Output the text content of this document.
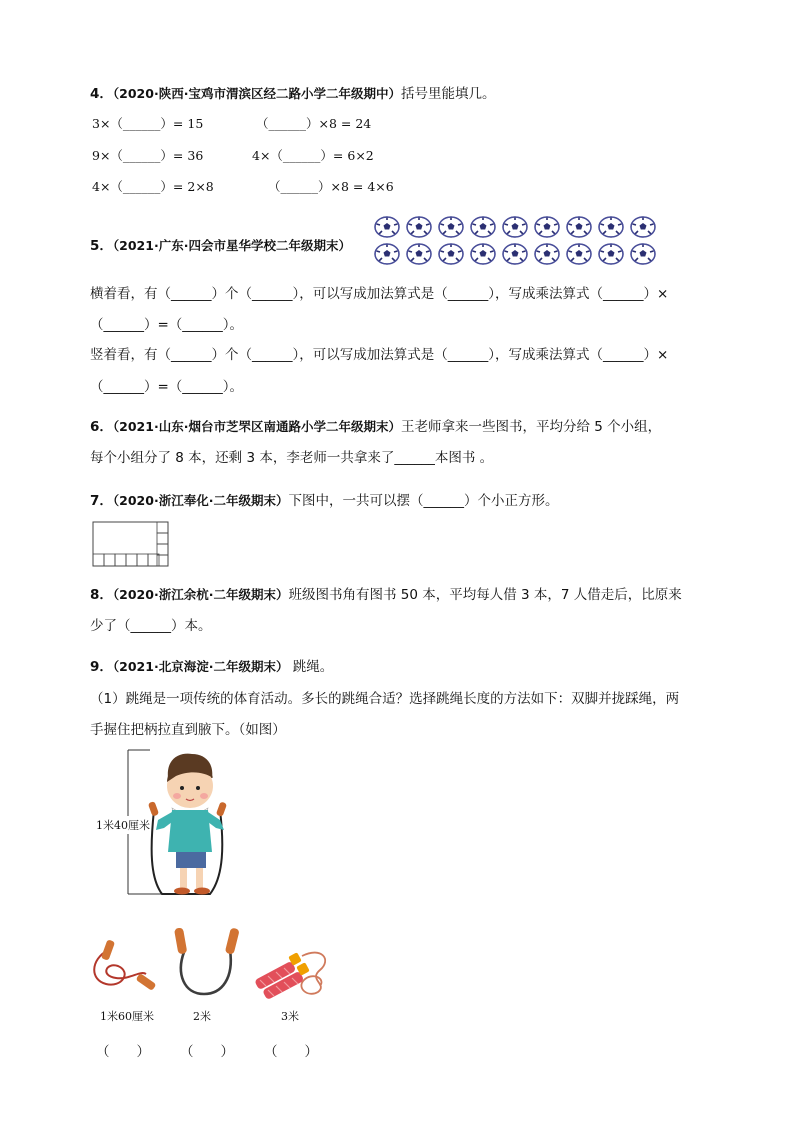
4．（2020·陕西·宝鸡市渭滨区经二路小学二年级期中）括号里能填几。
3×（______）= 15	（______）×8 = 24
9×（______）= 36	4×（______）= 6×2
4×（______）= 2×8	（______）×8 = 4×6
5．（2021·广东·四会市星华学校二年级期末）
横着看，有（______）个（______），可以写成加法算式是（______），写成乘法算式（______）×
（______）=（______）。
竖着看，有（______）个（______），可以写成加法算式是（______），写成乘法算式（______）×
（______）=（______）。
6．（2021·山东·烟台市芝罘区南通路小学二年级期末）王老师拿来一些图书，平均分给 5 个小组，
每个小组分了 8 本，还剩 3 本，李老师一共拿来了______本图书 。
7．（2020·浙江奉化·二年级期末）下图中，一共可以摆（______）个小正方形。
8．（2020·浙江余杭·二年级期末）班级图书角有图书 50 本，平均每人借 3 本，7 人借走后，比原来
少了（______）本。
9．（2021·北京海淀·二年级期末） 跳绳。
（1）跳绳是一项传统的体育活动。多长的跳绳合适？选择跳绳长度的方法如下：双脚并拢踩绳，两
手握住把柄拉直到腋下。（如图）
1米40厘米
1米60厘米	2米	3米
（　　） （　　） （　　）
